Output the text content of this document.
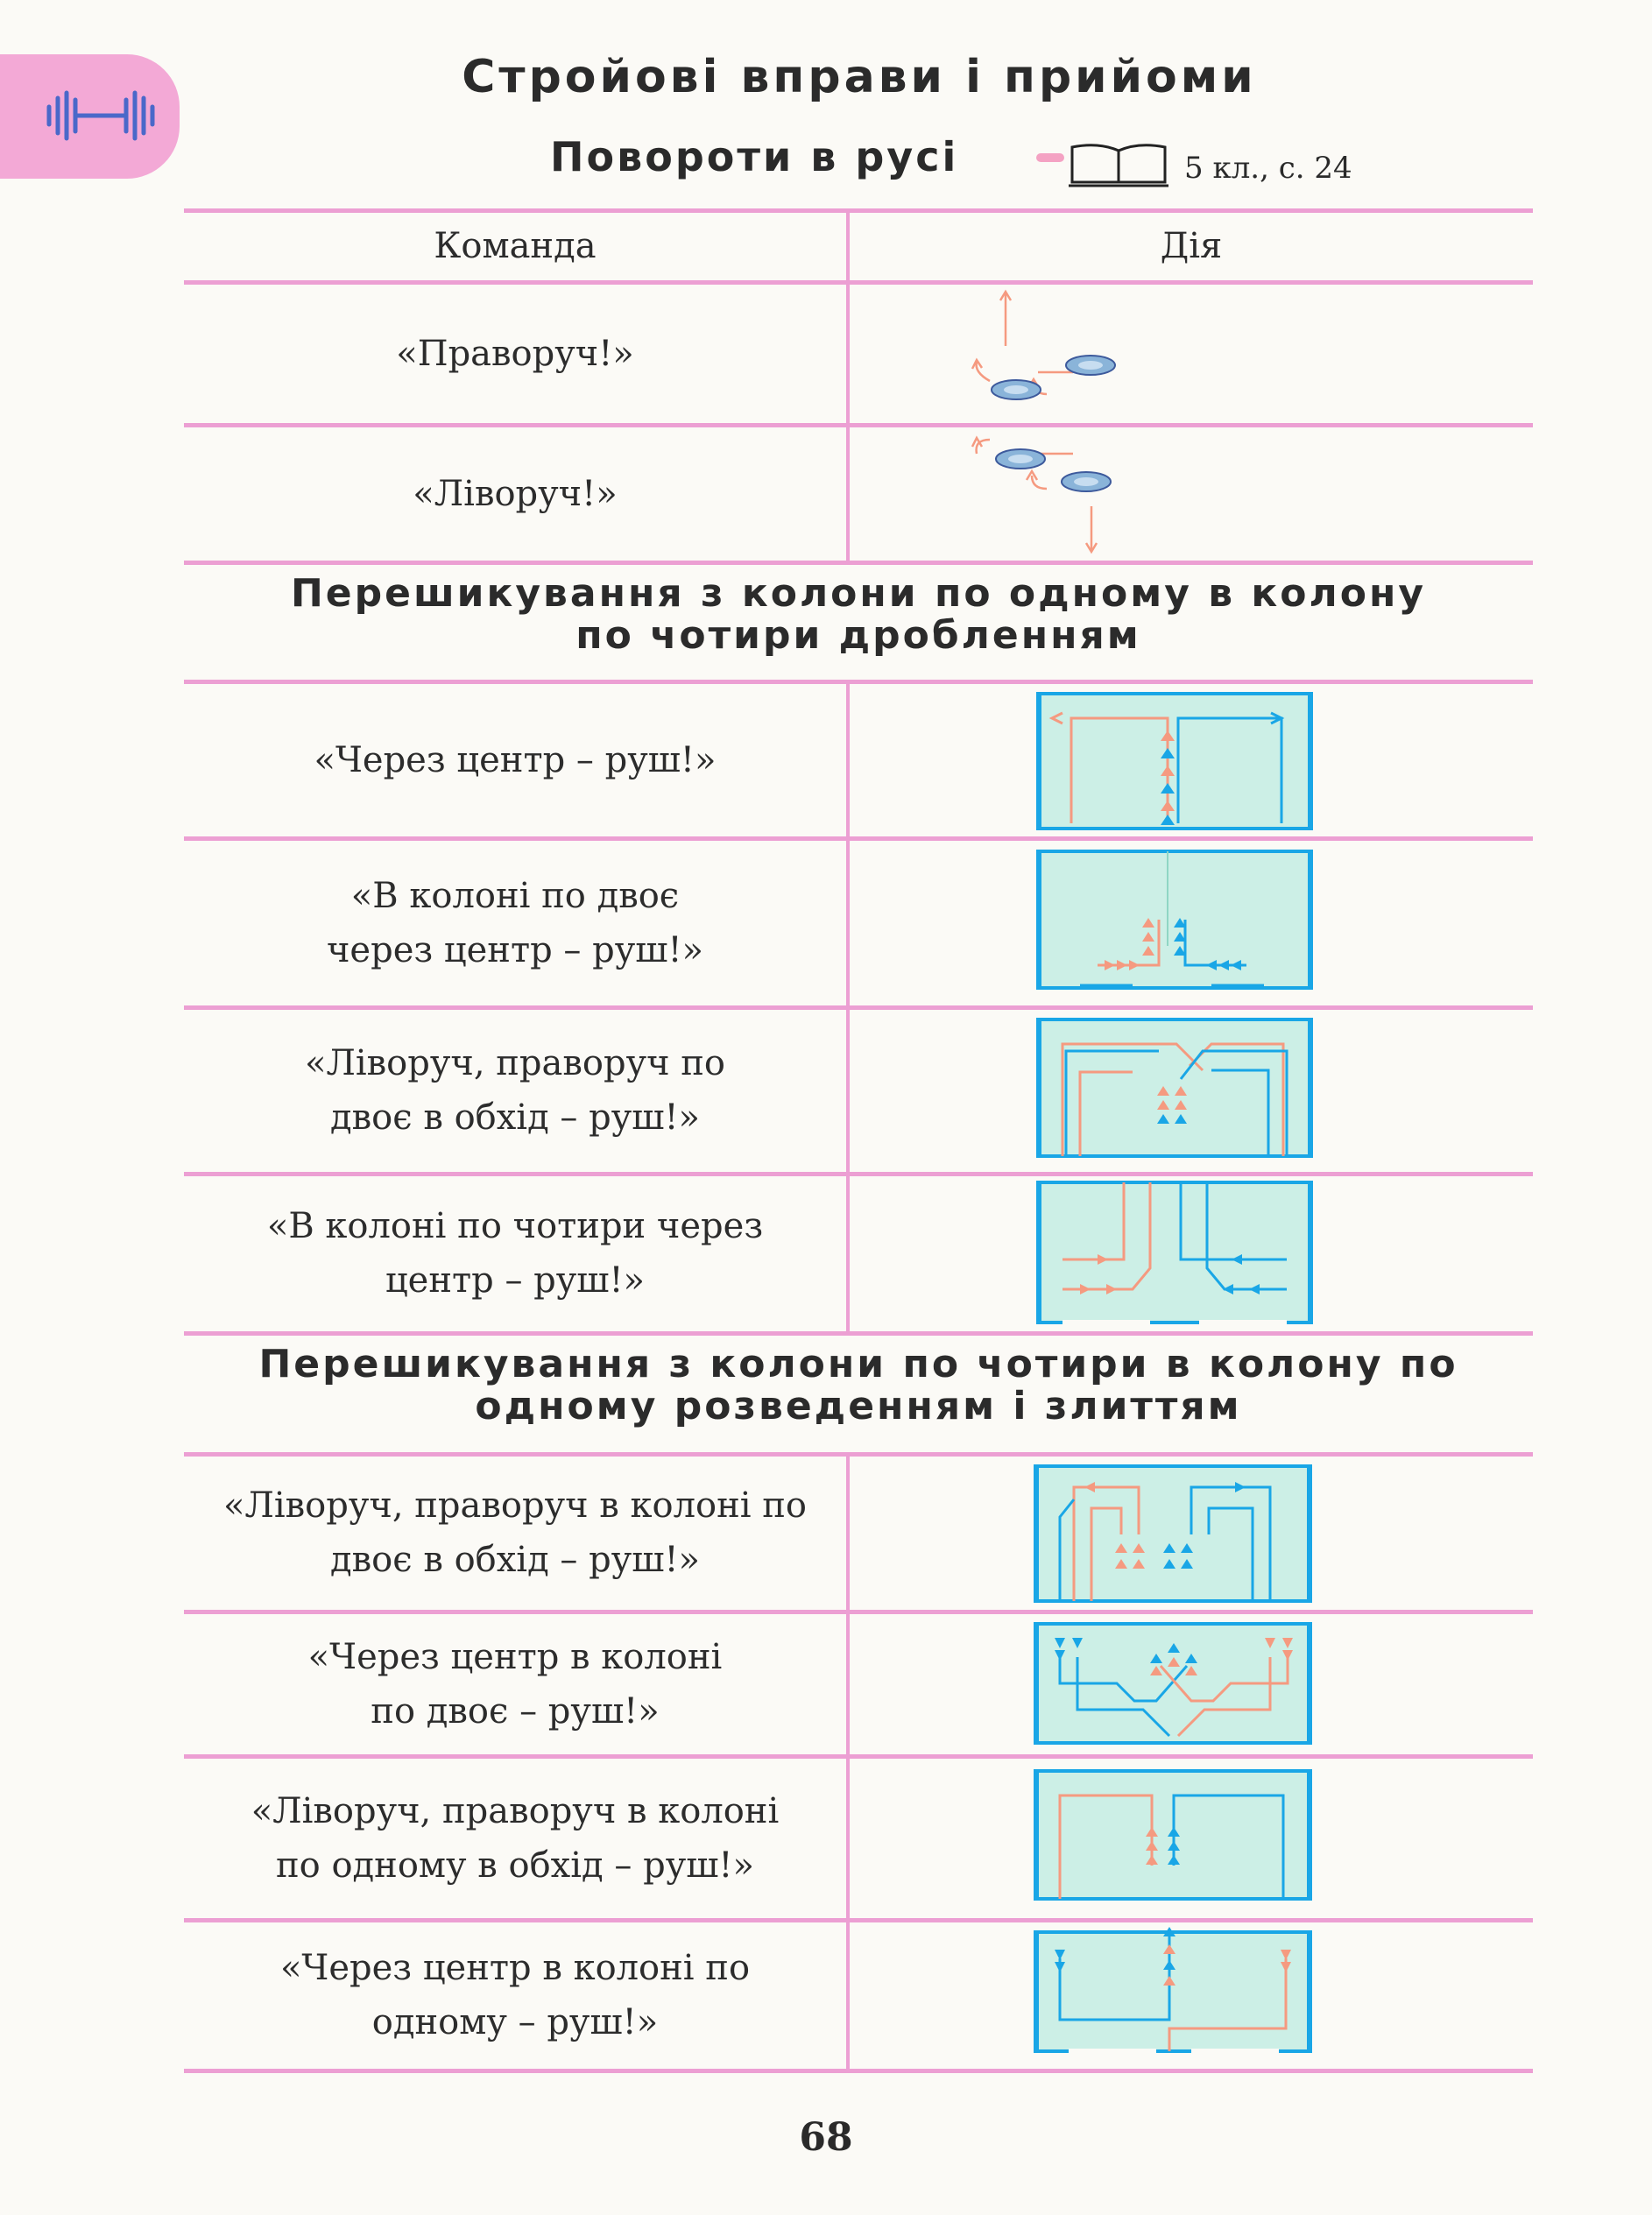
Стройові вправи і прийоми
Повороти в русі	5 кл., с. 24
Команда	Дія
«Праворуч!»
«Ліворуч!»
Перешикування з колони по одному в колону
по чотири дробленням
«Через центр – руш!»
«В колоні по двоє
через центр – руш!»
«Ліворуч, праворуч по
двоє в обхід – руш!»
«В колоні по чотири через
центр – руш!»
Перешикування з колони по чотири в колону по
одному розведенням і злиттям
«Ліворуч, праворуч в колоні по
двоє в обхід – руш!»
«Через центр в колоні
по двоє – руш!»
«Ліворуч, праворуч в колоні
по одному в обхід – руш!»
«Через центр в колоні по
одному – руш!»
68
